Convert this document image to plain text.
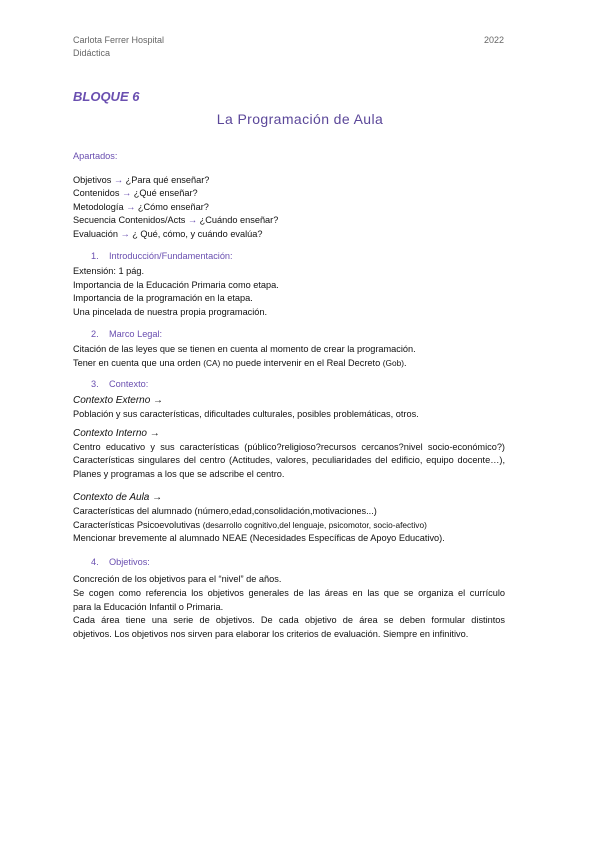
Carlota Ferrer Hospital
Didáctica
2022
BLOQUE 6
La Programación de Aula
Apartados:
Objetivos → ¿Para qué enseñar?
Contenidos → ¿Qué enseñar?
Metodología → ¿Cómo enseñar?
Secuencia Contenidos/Acts → ¿Cuándo enseñar?
Evaluación → ¿ Qué, cómo, y cuándo evalúa?
1. Introducción/Fundamentación:
Extensión: 1 pág.
Importancia de la Educación Primaria como etapa.
Importancia de la programación en la etapa.
Una pincelada de nuestra propia programación.
2. Marco Legal:
Citación de las leyes que se tienen en cuenta al momento de crear la programación.
Tener en cuenta que una orden (CA) no puede intervenir en el Real Decreto (Gob).
3. Contexto:
Contexto Externo →
Población y sus características, dificultades culturales, posibles problemáticas, otros.
Contexto Interno →
Centro educativo y sus características (público?religioso?recursos cercanos?nivel socio-económico?)
Características singulares del centro (Actitudes, valores, peculiaridades del edificio, equipo docente…),
Planes y programas a los que se adscribe el centro.
Contexto de Aula →
Características del alumnado (número,edad,consolidación,motivaciones...)
Características Psicoevolutivas (desarrollo cognitivo,del lenguaje, psicomotor, socio-afectivo)
Mencionar brevemente al alumnado NEAE (Necesidades Específicas de Apoyo Educativo).
4. Objetivos:
Concreción de los objetivos para el “nivel” de años.
Se cogen como referencia los objetivos generales de las áreas en las que se organiza el currículo
para la Educación Infantil o Primaria.
Cada área tiene una serie de objetivos. De cada objetivo de área se deben formular distintos
objetivos. Los objetivos nos sirven para elaborar los criterios de evaluación. Siempre en infinitivo.
